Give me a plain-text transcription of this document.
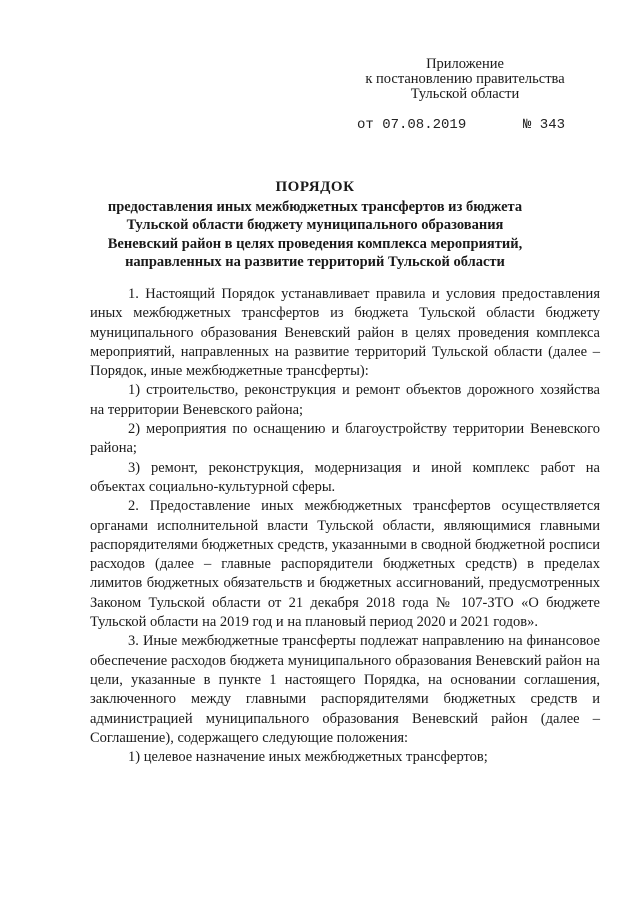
Приложение
к постановлению правительства
Тульской области
от 07.08.2019	№ 343
ПОРЯДОК
предоставления иных межбюджетных трансфертов из бюджета
Тульской области бюджету муниципального образования
Веневский район в целях проведения комплекса мероприятий,
направленных на развитие территорий Тульской области

1. Настоящий Порядок устанавливает правила и условия предоставления иных межбюджетных трансфертов из бюджета Тульской области бюджету муниципального образования Веневский район в целях проведения комплекса мероприятий, направленных на развитие территорий Тульской области (далее – Порядок, иные межбюджетные трансферты):

1) строительство, реконструкция и ремонт объектов дорожного хозяйства на территории Веневского района;

2) мероприятия по оснащению и благоустройству территории Веневского района;

3) ремонт, реконструкция, модернизация и иной комплекс работ на объектах социально-культурной сферы.

2. Предоставление иных межбюджетных трансфертов осуществляется органами исполнительной власти Тульской области, являющимися главными распорядителями бюджетных средств, указанными в сводной бюджетной росписи расходов (далее – главные распорядители бюджетных средств) в пределах лимитов бюджетных обязательств и бюджетных ассигнований, предусмотренных Законом Тульской области от 21 декабря 2018 года № 107-ЗТО «О бюджете Тульской области на 2019 год и на плановый период 2020 и 2021 годов».

3. Иные межбюджетные трансферты подлежат направлению на финансовое обеспечение расходов бюджета муниципального образования Веневский район на цели, указанные в пункте 1 настоящего Порядка, на основании соглашения, заключенного между главными распорядителями бюджетных средств и администрацией муниципального образования Веневский район (далее – Соглашение), содержащего следующие положения:

1) целевое назначение иных межбюджетных трансфертов;
